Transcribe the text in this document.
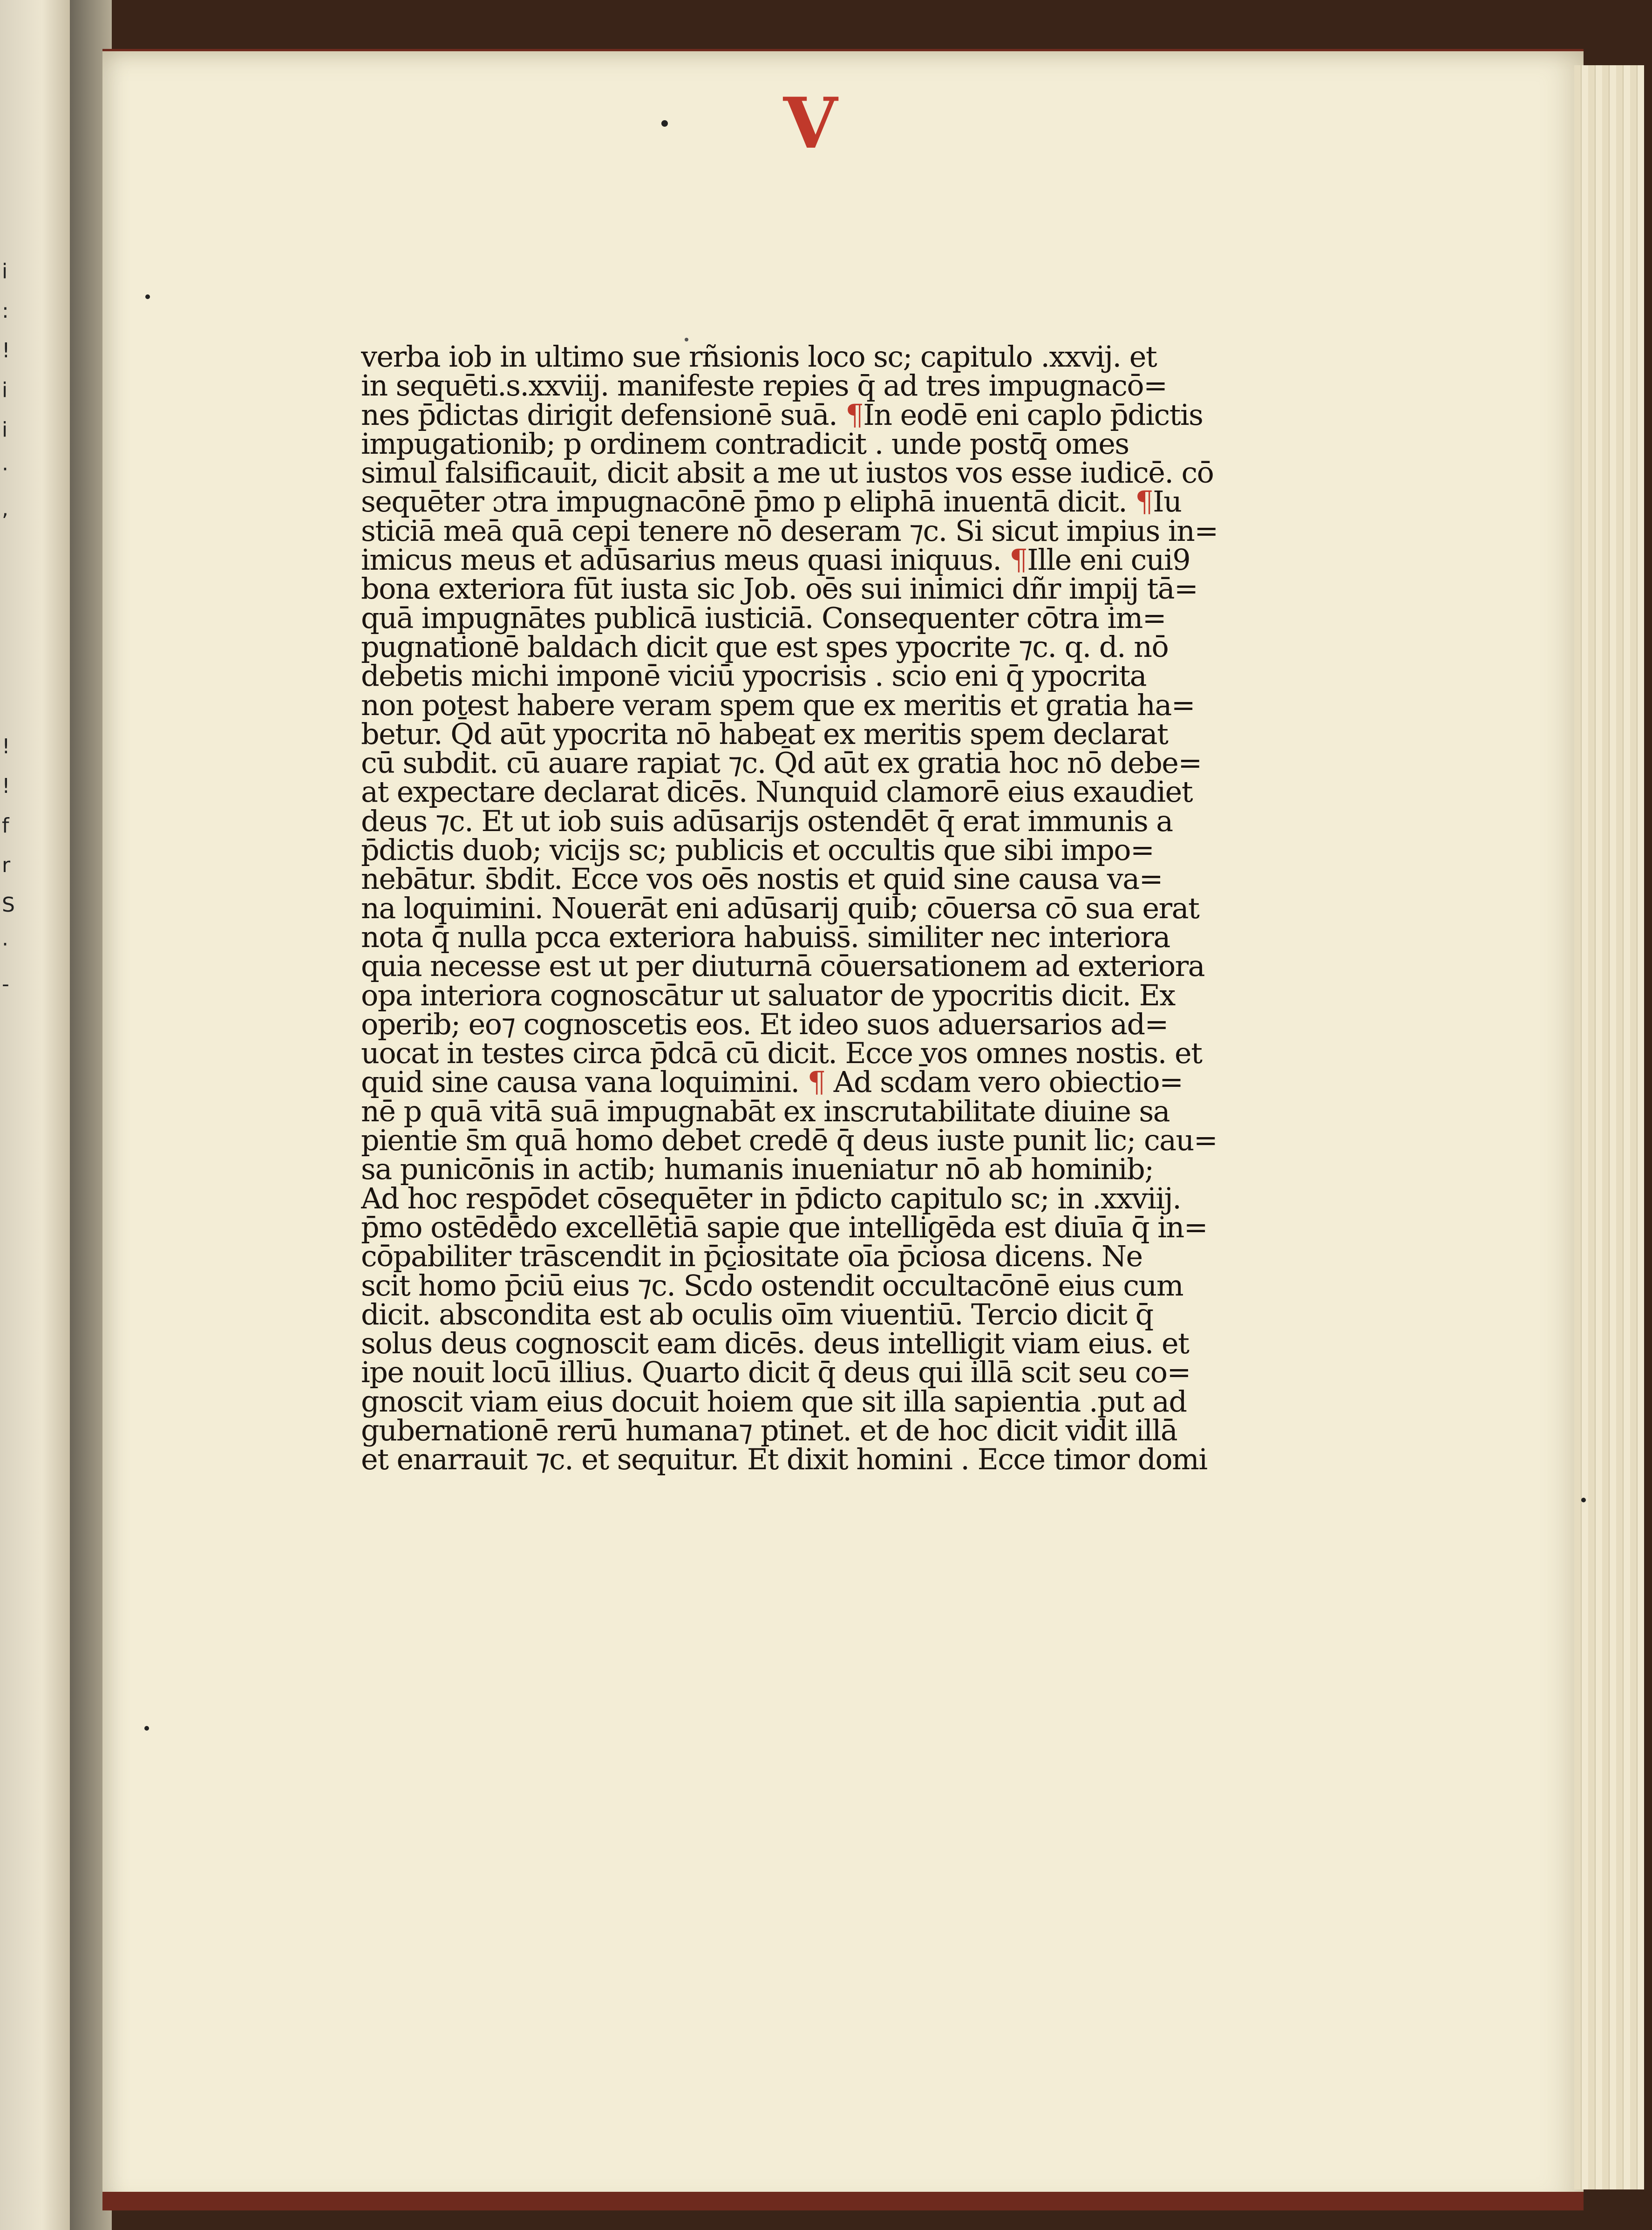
i
:
!
i
i
·
,

!
!
f
r
S
·
-
V
verba iob in ultimo sue rñsionis loco sc; capitulo .xxvij. et
in sequēti.s.xxviij. manifeste repies q̄ ad tres impugnacō=
nes p̄dictas dirigit defensionē suā. ¶In eodē eni caplo p̄dictis
impugationib; p ordinem contradicit . unde postq̄ omes
simul falsificauit, dicit absit a me ut iustos vos esse iudicē. cō
sequēter ɔtra impugnacōnē p̄mo p eliphā inuentā dicit. ¶Iu
sticiā meā quā cepi tenere nō deseram ⁊c. Si sicut impius in=
imicus meus et adūsarius meus quasi iniquus. ¶Ille eni cui9
bona exteriora fūt iusta sic Job. oēs sui inimici dñr impij tā=
quā impugnātes publicā iusticiā. Consequenter cōtra im=
pugnationē baldach dicit que est spes ypocrite ⁊c. q. d. nō
debetis michi imponē viciū ypocrisis . scio eni q̄ ypocrita
non potest habere veram spem que ex meritis et gratia ha=
betur. Q̄d aūt ypocrita nō habeat ex meritis spem declarat
cū subdit. cū auare rapiat ⁊c. Q̄d aūt ex gratia hoc nō debe=
at expectare declarat dicēs. Nunquid clamorē eius exaudiet
deus ⁊c. Et ut iob suis adūsarijs ostendēt q̄ erat immunis a
p̄dictis duob; vicijs sc; publicis et occultis que sibi impo=
nebātur. s̄bdit. Ecce vos oēs nostis et quid sine causa va=
na loquimini. Nouerāt eni adūsarij quib; cōuersa cō sua erat
nota q̄ nulla pcca exteriora habuiss̄. similiter nec interiora
quia necesse est ut per diuturnā cōuersationem ad exteriora
opa interiora cognoscātur ut saluator de ypocritis dicit. Ex
operib; eo⁊ cognoscetis eos. Et ideo suos aduersarios ad=
uocat in testes circa p̄dcā cū dicit. Ecce vos omnes nostis. et
quid sine causa vana loquimini. ¶ Ad scd̄am vero obiectio=
nē p quā vitā suā impugnabāt ex inscrutabilitate diuine sa
pientie s̄m quā homo debet credē q̄ deus iuste punit lic; cau=
sa punicōnis in actib; humanis inueniatur nō ab hominib;
Ad hoc respōdet cōsequēter in p̄dicto capitulo sc; in .xxviij.
p̄mo ostēdēdo excellētiā sapie que intelligēda est diuīa q̄ in=
cōpabiliter trāscendit in p̄ciositate oīa p̄ciosa dicens. Ne
scit homo p̄ciū eius ⁊c. Scd̄o ostendit occultacōnē eius cum
dicit. abscondita est ab oculis oīm viuentiū. Tercio dicit q̄
solus deus cognoscit eam dicēs. deus intelligit viam eius. et
ipe nouit locū illius. Quarto dicit q̄ deus qui illā scit seu co=
gnoscit viam eius docuit hoiem que sit illa sapientia .put ad
gubernationē rerū humana⁊ ptinet. et de hoc dicit vidit illā
et enarrauit ⁊c. et sequitur. Et dixit homini . Ecce timor domi
